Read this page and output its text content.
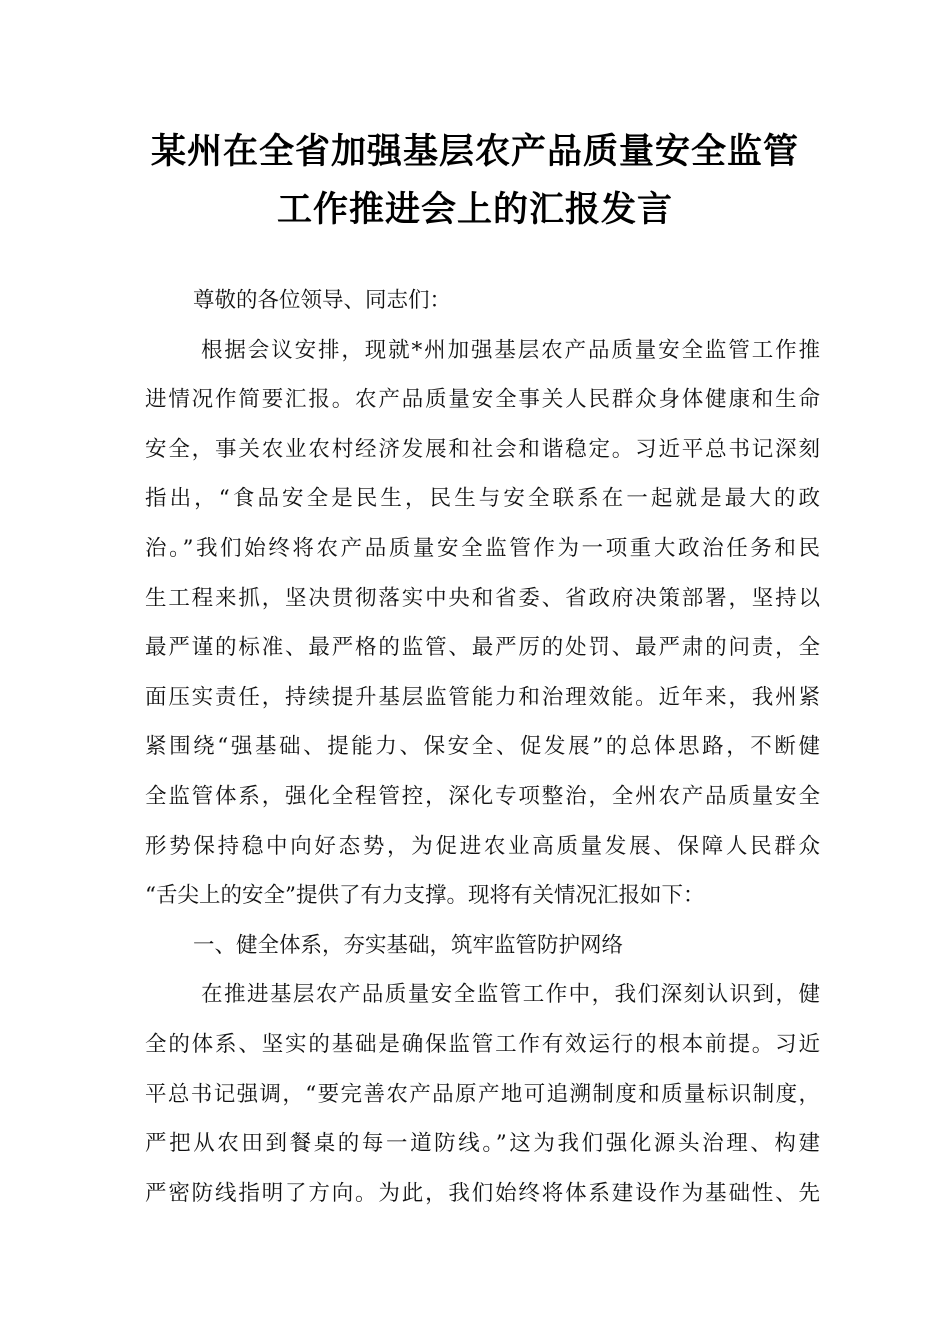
某州在全省加强基层农产品质量安全监管
工作推进会上的汇报发言
尊敬的各位领导、同志们：
根据会议安排，现就*州加强基层农产品质量安全监管工作推
进情况作简要汇报。农产品质量安全事关人民群众身体健康和生命
安全，事关农业农村经济发展和社会和谐稳定。习近平总书记深刻
指出，“食品安全是民生，民生与安全联系在一起就是最大的政
治。”我们始终将农产品质量安全监管作为一项重大政治任务和民
生工程来抓，坚决贯彻落实中央和省委、省政府决策部署，坚持以
最严谨的标准、最严格的监管、最严厉的处罚、最严肃的问责，全
面压实责任，持续提升基层监管能力和治理效能。近年来，我州紧
紧围绕“强基础、提能力、保安全、促发展”的总体思路，不断健
全监管体系，强化全程管控，深化专项整治，全州农产品质量安全
形势保持稳中向好态势，为促进农业高质量发展、保障人民群众
“舌尖上的安全”提供了有力支撑。现将有关情况汇报如下：
一、健全体系，夯实基础，筑牢监管防护网络
在推进基层农产品质量安全监管工作中，我们深刻认识到，健
全的体系、坚实的基础是确保监管工作有效运行的根本前提。习近
平总书记强调，“要完善农产品原产地可追溯制度和质量标识制度，
严把从农田到餐桌的每一道防线。”这为我们强化源头治理、构建
严密防线指明了方向。为此，我们始终将体系建设作为基础性、先
